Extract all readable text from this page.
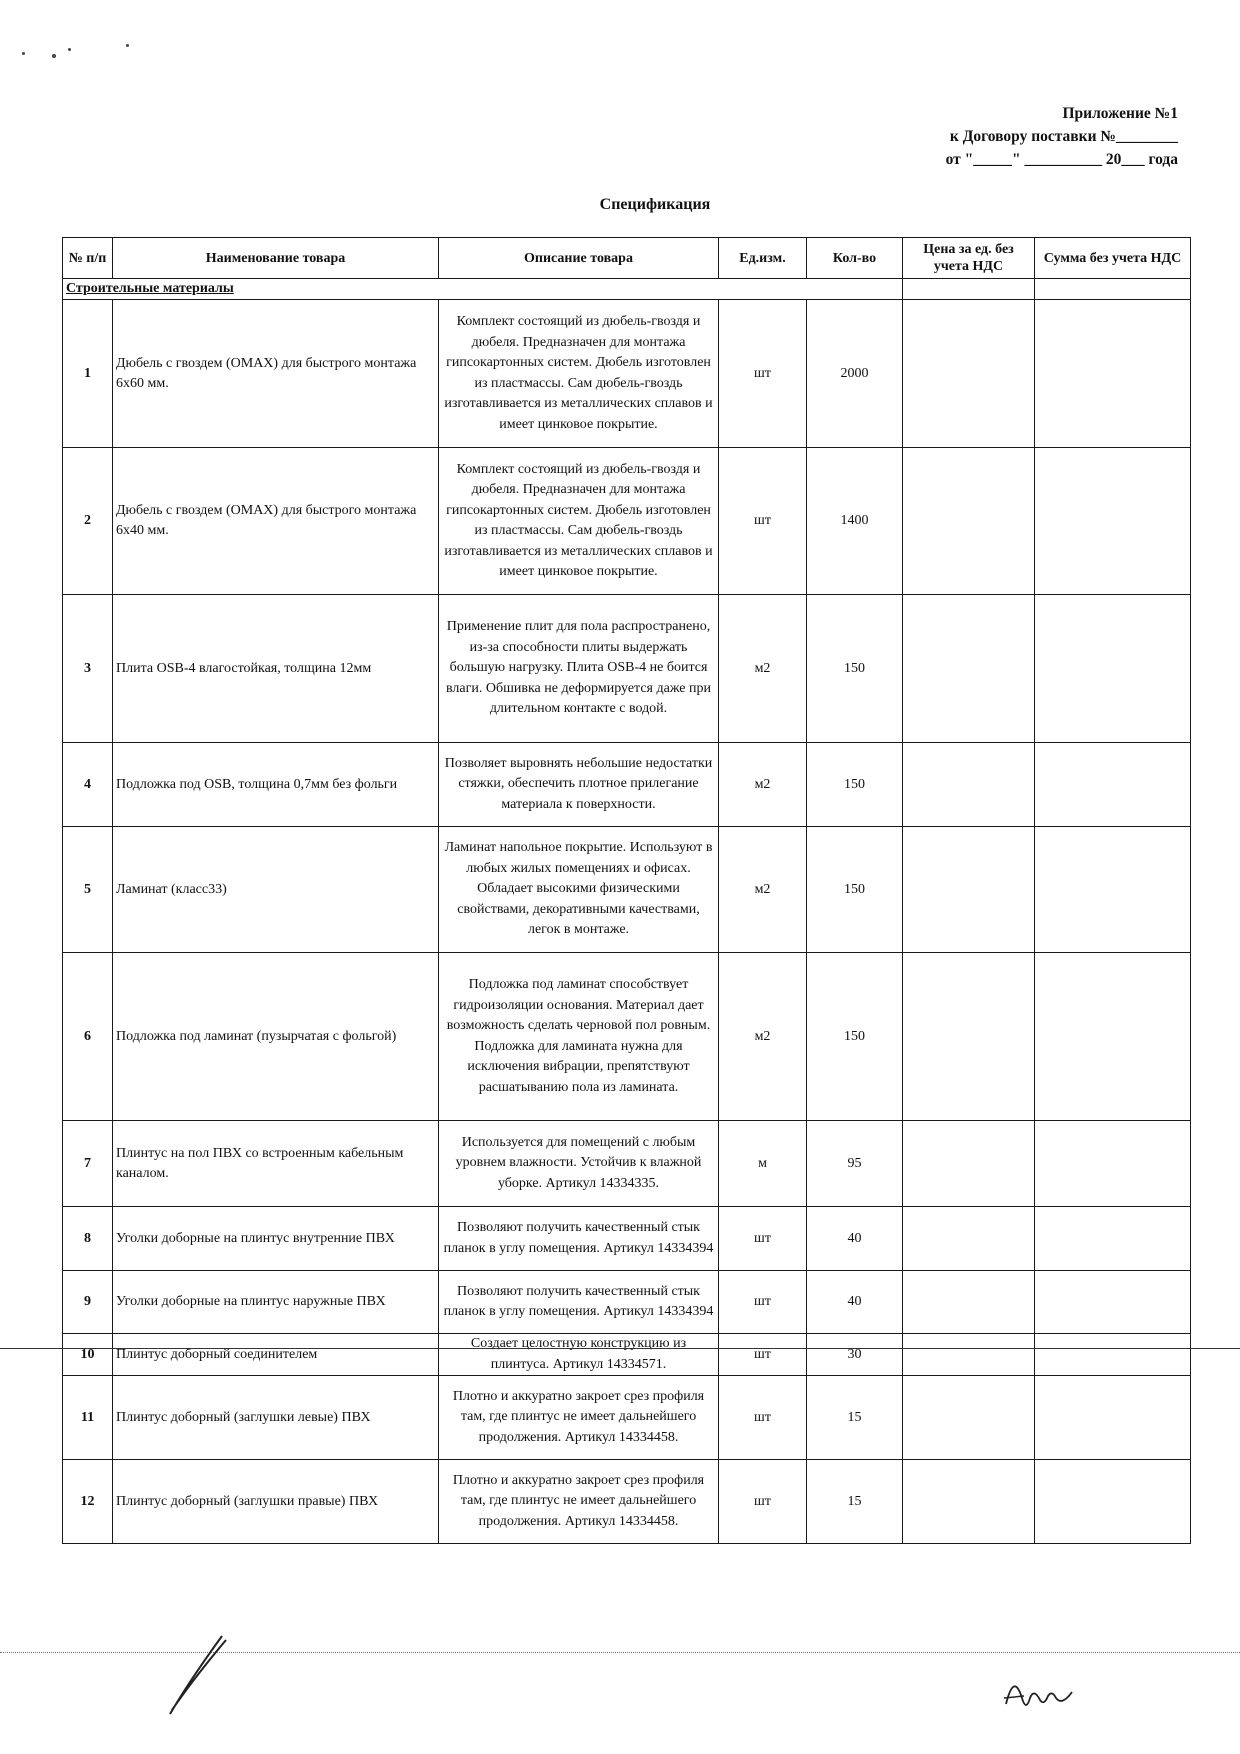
Приложение №1
к Договору поставки №________
от "_____" __________ 20___ года
Спецификация
№ п/п	Наименование товара	Описание товара	Ед.изм.	Кол-во	Цена за ед. без учета НДС	Сумма без учета НДС
Строительные материалы						
1	Дюбель с гвоздем (OMAX) для быстрого монтажа 6x60 мм.	Комплект состоящий из дюбель-гвоздя и дюбеля. Предназначен для монтажа гипсокартонных систем. Дюбель изготовлен из пластмассы. Сам дюбель-гвоздь изготавливается из металлических сплавов и имеет цинковое покрытие.	шт	2000		
2	Дюбель с гвоздем (OMAX) для быстрого монтажа 6x40 мм.	Комплект состоящий из дюбель-гвоздя и дюбеля. Предназначен для монтажа гипсокартонных систем. Дюбель изготовлен из пластмассы. Сам дюбель-гвоздь изготавливается из металлических сплавов и имеет цинковое покрытие.	шт	1400		
3	Плита OSB-4 влагостойкая, толщина 12мм	Применение плит для пола распространено, из-за способности плиты выдержать большую нагрузку. Плита OSB-4 не боится влаги. Обшивка не деформируется даже при длительном контакте с водой.	м2	150		
4	Подложка под OSB, толщина 0,7мм без фольги	Позволяет выровнять небольшие недостатки стяжки, обеспечить плотное прилегание материала к поверхности.	м2	150		
5	Ламинат (класс33)	Ламинат напольное покрытие. Используют в любых жилых помещениях и офисах. Обладает высокими физическими свойствами, декоративными качествами, легок в монтаже.	м2	150		
6	Подложка под ламинат (пузырчатая с фольгой)	Подложка под ламинат способствует гидроизоляции основания. Материал дает возможность сделать черновой пол ровным. Подложка для ламината нужна для исключения вибрации, препятствуют расшатыванию пола из ламината.	м2	150		
7	Плинтус на пол ПВХ со встроенным кабельным каналом.	Используется для помещений с любым уровнем влажности. Устойчив к влажной уборке. Артикул 14334335.	м	95		
8	Уголки доборные на плинтус внутренние ПВХ	Позволяют получить качественный стык планок в углу помещения. Артикул 14334394	шт	40		
9	Уголки доборные на плинтус наружные ПВХ	Позволяют получить качественный стык планок в углу помещения. Артикул 14334394	шт	40		
10	Плинтус доборный соединителем	Создает целостную конструкцию из плинтуса. Артикул 14334571.	шт	30		
11	Плинтус доборный (заглушки левые) ПВХ	Плотно и аккуратно закроет срез профиля там, где плинтус не имеет дальнейшего продолжения. Артикул 14334458.	шт	15		
12	Плинтус доборный (заглушки правые) ПВХ	Плотно и аккуратно закроет срез профиля там, где плинтус не имеет дальнейшего продолжения. Артикул 14334458.	шт	15		
